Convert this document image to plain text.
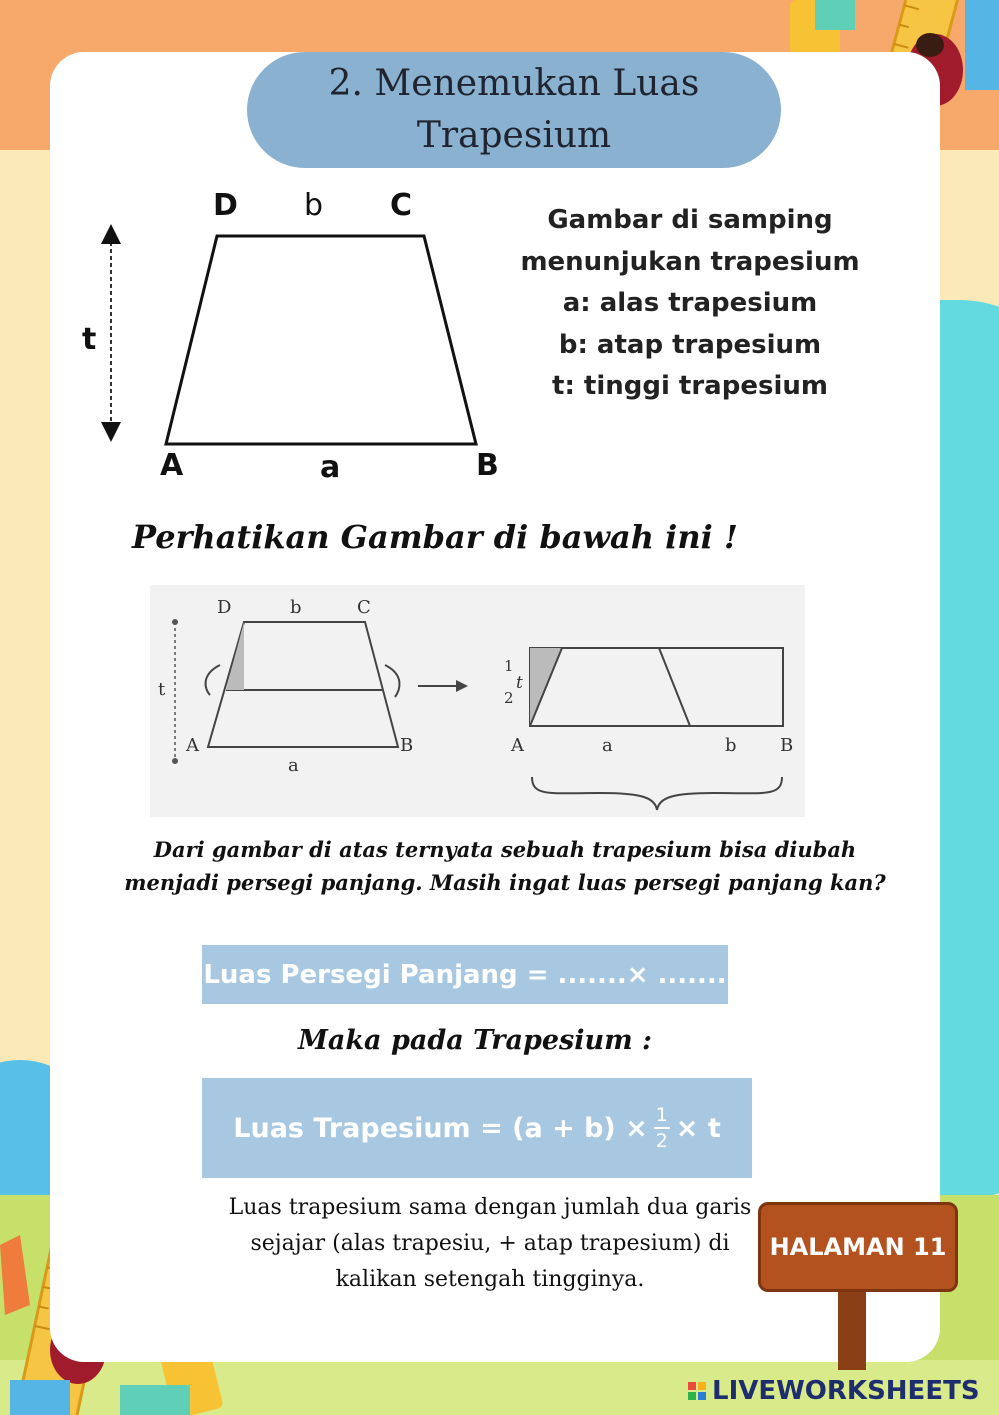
2. Menemukan Luas
Trapesium
D b C
t
A	a	B
Gambar di samping
menunjukan trapesium
a: alas trapesium
b: atap trapesium
t: tinggi trapesium
Perhatikan Gambar di bawah ini !
D	b	C
t
A
a
B
1
2
t
A	a	b B
Dari gambar di atas ternyata sebuah trapesium bisa diubah menjadi persegi panjang. Masih ingat luas persegi panjang kan?
Luas Persegi Panjang = .......× .......
Maka pada Trapesium :
Luas Trapesium = $(a + b) \times \frac{1}{2} \times t$
Luas trapesium sama dengan jumlah dua garis sejajar (alas trapesiu, + atap trapesium) di kalikan setengah tingginya.
HALAMAN 11
LIVEWORKSHEETS
